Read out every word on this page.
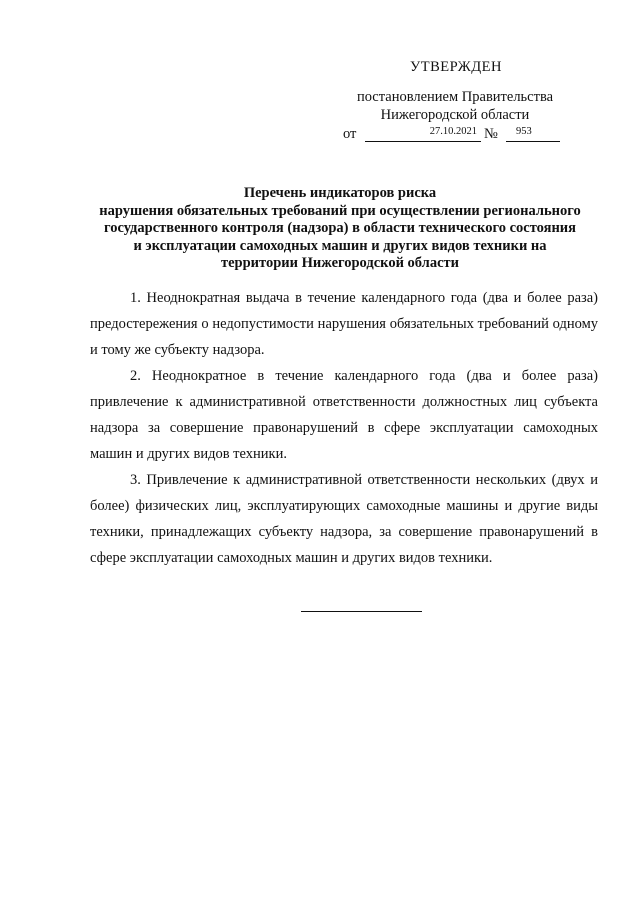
УТВЕРЖДЕН
постановлением Правительства
Нижегородской области
от	27.10.2021 № 953
Перечень индикаторов риска
нарушения обязательных требований при осуществлении регионального
государственного контроля (надзора) в области технического состояния
и эксплуатации самоходных машин и других видов техники на
территории Нижегородской области

1. Неоднократная выдача в течение календарного года (два и более раза) предостережения о недопустимости нарушения обязательных требований одному и тому же субъекту надзора.

2. Неоднократное в течение календарного года (два и более раза) привлечение к административной ответственности должностных лиц субъекта надзора за совершение правонарушений в сфере эксплуатации самоходных машин и других видов техники.

3. Привлечение к административной ответственности нескольких (двух и более) физических лиц, эксплуатирующих самоходные машины и другие виды техники, принадлежащих субъекту надзора, за совершение правонарушений в сфере эксплуатации самоходных машин и других видов техники.
